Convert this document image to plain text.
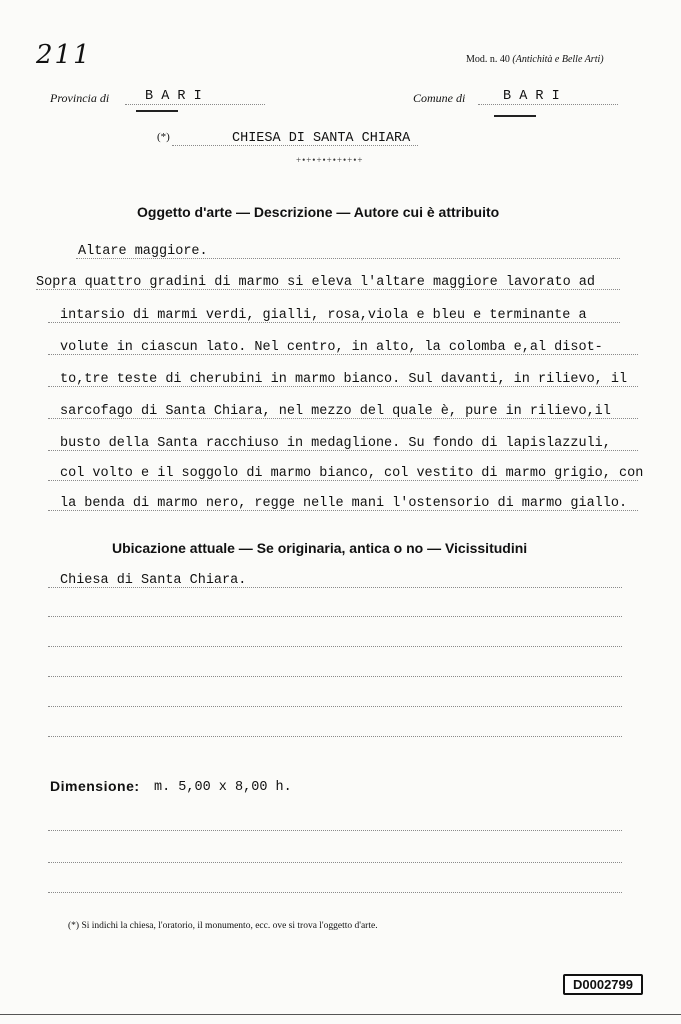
211	Mod. n. 40 (Antichità e Belle Arti)
Provincia di	B A R I	Comune di	B A R I
(*)	CHIESA DI SANTA CHIARA
+•+•+•+•+•+•+
Oggetto d'arte — Descrizione — Autore cui è attribuito
Altare maggiore.
Sopra quattro gradini di marmo si eleva l'altare maggiore lavorato ad
intarsio di marmi verdi, gialli, rosa,viola e bleu e terminante a
volute in ciascun lato. Nel centro, in alto, la colomba e,al disot-
to,tre teste di cherubini in marmo bianco. Sul davanti, in rilievo, il
sarcofago di Santa Chiara, nel mezzo del quale è, pure in rilievo,il
busto della Santa racchiuso in medaglione. Su fondo di lapislazzuli,
col volto e il soggolo di marmo bianco, col vestito di marmo grigio, con
la benda di marmo nero, regge nelle mani l'ostensorio di marmo giallo.
Ubicazione attuale — Se originaria, antica o no — Vicissitudini
Chiesa di Santa Chiara.
Dimensione: m. 5,00 x 8,00 h.
(*) Si indichi la chiesa, l'oratorio, il monumento, ecc. ove si trova l'oggetto d'arte.
D0002799
